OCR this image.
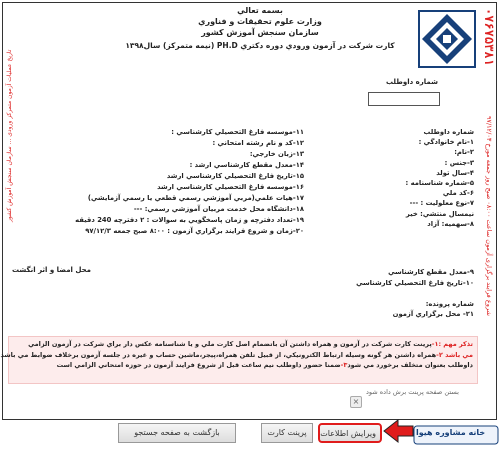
۰۷۶۷۵۳۸۱
شروع فرایند برگزاری آزمون ساعت ۰۸:۰۰ صبح روز جمعه مورخ ۹۷/۱۲/۰۳
تاریخ عملیات آزمون متمرکز ورودی ... سازمان سنجش آموزش کشور
بسمه تعالي
وزارت علوم تحقيقات و فناوري
سازمان سنجش آموزش كشور
كارت شركت در آزمون ورودي دوره دكتري PH.D (نيمه متمركز) سال۱۳۹۸
شماره داوطلب
شماره داوطلب
۱-نام خانوادگي :
۲-نام:
۳-جنس :
۴-سال تولد
۵-شماره شناسنامه :
۶-كد ملي
۷-نوع معلوليت : ---
نيمسال منتشي: خير
۸-سهميه: آزاد
۱۱-موسسه فارغ التحصيلي كارشناسي :
۱۲-كد و نام رشته امتحاني :
۱۳-زبان خارجي:
۱۴-معدل مقطع كارشناسي ارشد :
۱۵-تاريخ فارغ التحصيلي كارشناسي ارشد
۱۶-موسسه فارغ التحصيلي كارشناسي ارشد
۱۷-هيات علمي(مربي آموزشي رسمي قطعي يا رسمي آزمايشي)
۱۸-دانشگاه محل خدمت مربيان آموزشي رسمي: ---
۱۹-تعداد دفترچه و زمان پاسخگويي به سوالات : ۲ دفترچه 240 دقيقه
۲۰-زمان و شروع فرايند برگزاري آزمون : ۸:۰۰ صبح جمعه ۹۷/۱۲/۳
محل امضا و اثر انگشت	۹-معدل مقطع كارشناسي
۱۰-تاريخ فارغ التحصيلي كارشناسي
شماره پرونده:
۲۱- محل برگزاري آزمون

تذكر مهم :۱-پرينت كارت شركت در آزمون و همراه داشتن آن باتضمام اصل كارت ملي و يا شناسنامه عكس دار براي شركت در آزمون الزامي

مي باشد ۲-همراه داشتن هر گونه وسيله ارتباط الكترونيكي، از قبيل تلفن همراه،پيجر،ماشين حساب و غيره در جلسه آزمون برخلاف ضوابط مي باشد

داوطلب بعنوان متخلف برخورد مي شود۳-ضمنا حضور داوطلب نيم ساعت قبل از شروع فرايند آزمون در حوزه امتحاني الزامي است

بستن صفحه پرینت برش داده شود
×
بازگشت به صفحه جستجو	پرينت كارت	ويرايش اطلاعات	خانه مشاوره هیوا
